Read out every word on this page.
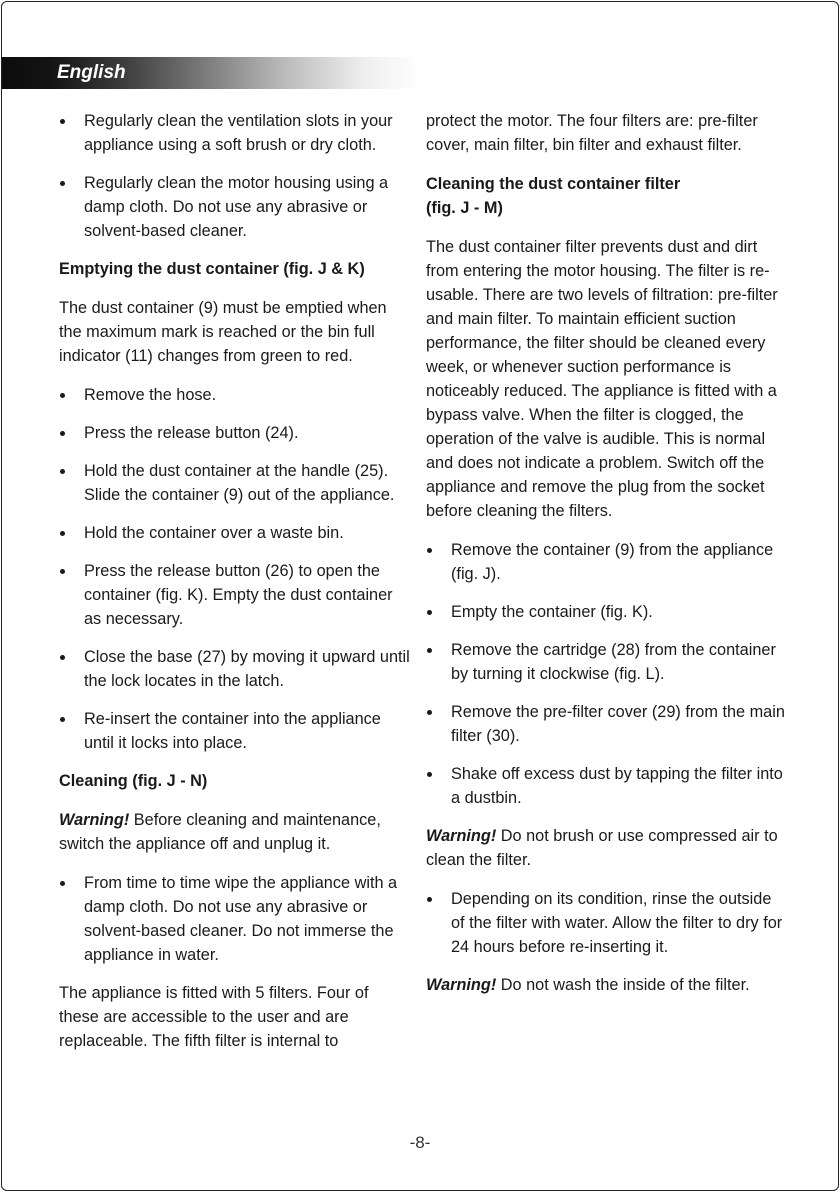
English
Regularly clean the ventilation slots in your appliance using a soft brush or dry cloth.
Regularly clean the motor housing using a damp cloth. Do not use any abrasive or solvent-based cleaner.
Emptying the dust container (fig. J & K)
The dust container (9) must be emptied when the maximum mark is reached or the bin full indicator (11) changes from green to red.
Remove the hose.
Press the release button (24).
Hold the dust container at the handle (25). Slide the container (9) out of the appliance.
Hold the container over a waste bin.
Press the release button (26) to open the container (fig. K). Empty the dust container as necessary.
Close the base (27) by moving it upward until the lock locates in the latch.
Re-insert the container into the appliance until it locks into place.
Cleaning (fig. J - N)
Warning! Before cleaning and maintenance, switch the appliance off and unplug it.
From time to time wipe the appliance with a damp cloth. Do not use any abrasive or solvent-based cleaner. Do not immerse the appliance in water.
The appliance is fitted with 5 filters. Four of these are accessible to the user and are replaceable. The fifth filter is internal to
protect the motor. The four filters are: pre-filter cover, main filter, bin filter and exhaust filter.
Cleaning the dust container filter
(fig. J - M)
The dust container filter prevents dust and dirt from entering the motor housing. The filter is re-usable. There are two levels of filtration: pre-filter and main filter. To maintain efficient suction performance, the filter should be cleaned every week, or whenever suction performance is noticeably reduced. The appliance is fitted with a bypass valve. When the filter is clogged, the operation of the valve is audible. This is normal and does not indicate a problem. Switch off the appliance and remove the plug from the socket before cleaning the filters.
Remove the container (9) from the appliance (fig. J).
Empty the container (fig. K).
Remove the cartridge (28) from the container by turning it clockwise (fig. L).
Remove the pre-filter cover (29) from the main filter (30).
Shake off excess dust by tapping the filter into a dustbin.
Warning! Do not brush or use compressed air to clean the filter.
Depending on its condition, rinse the outside of the filter with water. Allow the filter to dry for 24 hours before re-inserting it.
Warning! Do not wash the inside of the filter.
-8-
